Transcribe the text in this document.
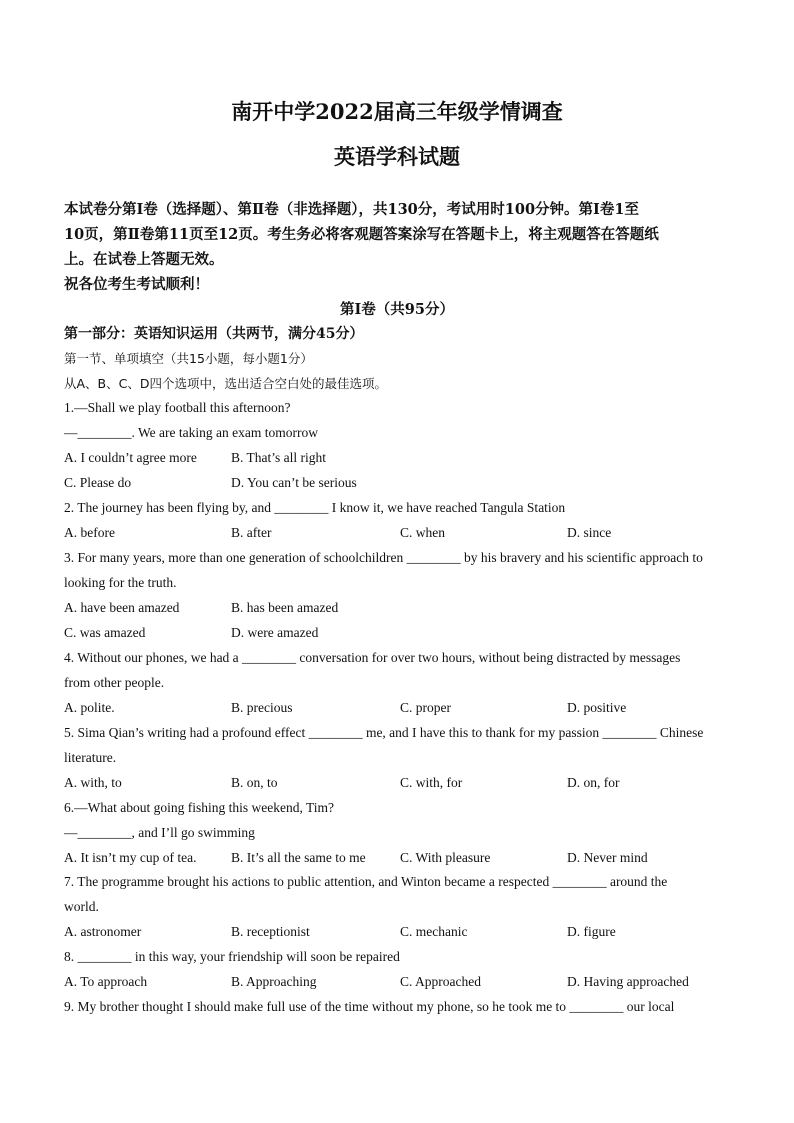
南开中学2022届高三年级学情调查
英语学科试题

本试卷分第Ⅰ卷（选择题）、第Ⅱ卷（非选择题），共130分，考试用时100分钟。第Ⅰ卷1至

10页，第Ⅱ卷第11页至12页。考生务必将客观题答案涂写在答题卡上，将主观题答在答题纸

上。在试卷上答题无效。

祝各位考生考试顺利！

第Ⅰ卷（共95分）
第一部分：英语知识运用（共两节，满分45分）
第一节、单项填空（共15小题，每小题1分）
从A、B、C、D四个选项中，选出适合空白处的最佳选项。
1.—Shall we play football this afternoon?
—________. We are taking an exam tomorrow
A. I couldn’t agree more	B. That’s all right
C. Please do	D. You can’t be serious
2. The journey has been flying by, and ________ I know it, we have reached Tangula Station
A. before	B. after	C. when	D. since
3. For many years, more than one generation of schoolchildren ________ by his bravery and his scientific approach to
looking for the truth.
A. have been amazed	B. has been amazed
C. was amazed	D. were amazed
4. Without our phones, we had a ________ conversation for over two hours, without being distracted by messages
from other people.
A. polite.	B. precious	C. proper	D. positive
5. Sima Qian’s writing had a profound effect ________ me, and I have this to thank for my passion ________ Chinese
literature.
A. with, to	B. on, to	C. with, for	D. on, for
6.—What about going fishing this weekend, Tim?
—________, and I’ll go swimming
A. It isn’t my cup of tea.	B. It’s all the same to me	C. With pleasure	D. Never mind
7. The programme brought his actions to public attention, and Winton became a respected ________ around the
world.
A. astronomer	B. receptionist	C. mechanic	D. figure
8. ________ in this way, your friendship will soon be repaired
A. To approach	B. Approaching	C. Approached	D. Having approached
9. My brother thought I should make full use of the time without my phone, so he took me to ________ our local
